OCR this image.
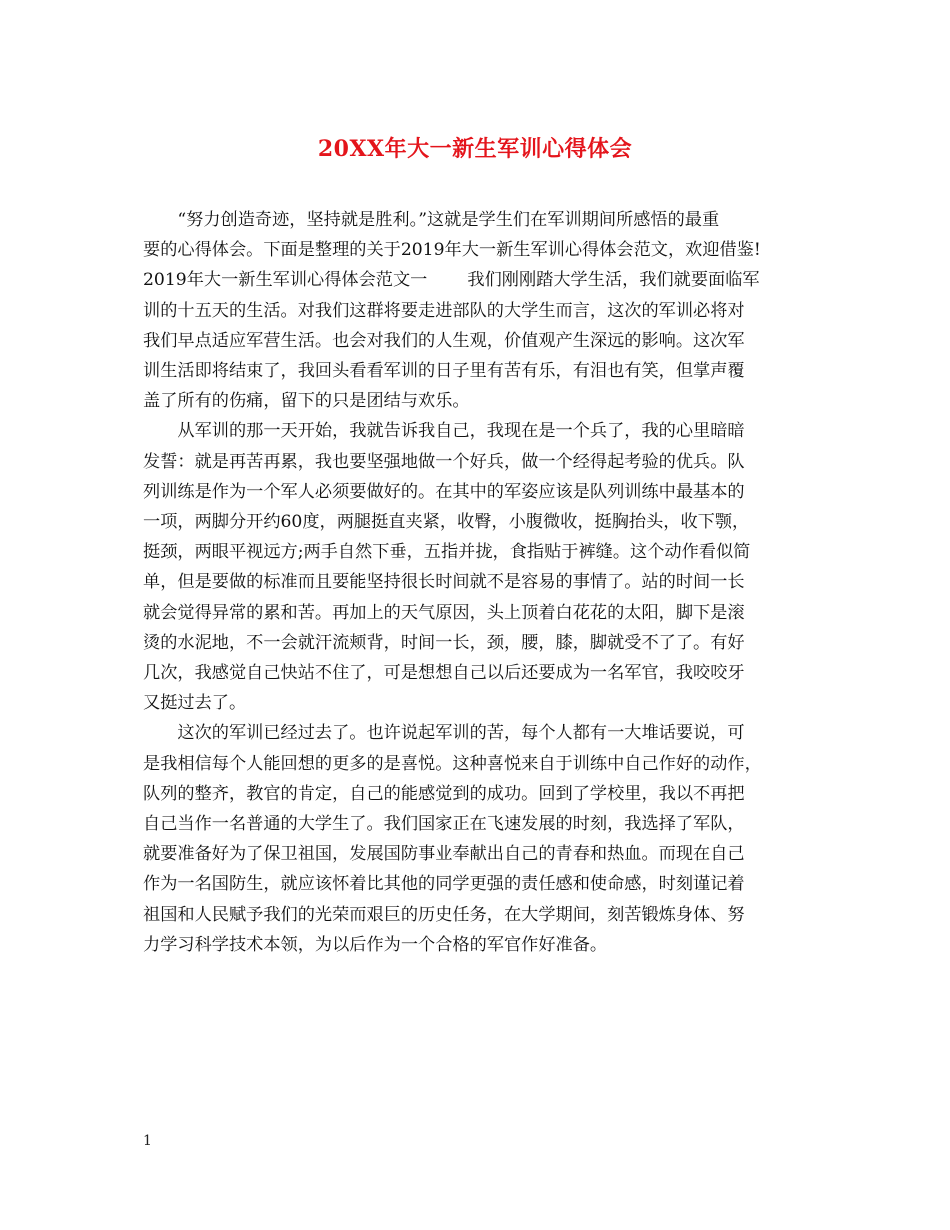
20XX年大一新生军训心得体会

“努力创造奇迹，坚持就是胜利。”这就是学生们在军训期间所感悟的最重
要的心得体会。下面是整理的关于2019年大一新生军训心得体会范文，欢迎借鉴!
2019年大一新生军训心得体会范文一 我们刚刚踏大学生活，我们就要面临军
训的十五天的生活。对我们这群将要走进部队的大学生而言，这次的军训必将对
我们早点适应军营生活。也会对我们的人生观，价值观产生深远的影响。这次军
训生活即将结束了，我回头看看军训的日子里有苦有乐，有泪也有笑，但掌声覆
盖了所有的伤痛，留下的只是团结与欢乐。

从军训的那一天开始，我就告诉我自己，我现在是一个兵了，我的心里暗暗
发誓：就是再苦再累，我也要坚强地做一个好兵，做一个经得起考验的优兵。队
列训练是作为一个军人必须要做好的。在其中的军姿应该是队列训练中最基本的
一项，两脚分开约60度，两腿挺直夹紧，收臀，小腹微收，挺胸抬头，收下颚，
挺颈，两眼平视远方;两手自然下垂，五指并拢，食指贴于裤缝。这个动作看似简
单，但是要做的标准而且要能坚持很长时间就不是容易的事情了。站的时间一长
就会觉得异常的累和苦。再加上的天气原因，头上顶着白花花的太阳，脚下是滚
烫的水泥地，不一会就汗流颊背，时间一长，颈，腰，膝，脚就受不了了。有好
几次，我感觉自己快站不住了，可是想想自己以后还要成为一名军官，我咬咬牙
又挺过去了。

这次的军训已经过去了。也许说起军训的苦，每个人都有一大堆话要说，可
是我相信每个人能回想的更多的是喜悦。这种喜悦来自于训练中自己作好的动作，
队列的整齐，教官的肯定，自己的能感觉到的成功。回到了学校里，我以不再把
自己当作一名普通的大学生了。我们国家正在飞速发展的时刻，我选择了军队，
就要准备好为了保卫祖国，发展国防事业奉献出自己的青春和热血。而现在自己
作为一名国防生，就应该怀着比其他的同学更强的责任感和使命感，时刻谨记着
祖国和人民赋予我们的光荣而艰巨的历史任务，在大学期间，刻苦锻炼身体、努
力学习科学技术本领，为以后作为一个合格的军官作好准备。

1
